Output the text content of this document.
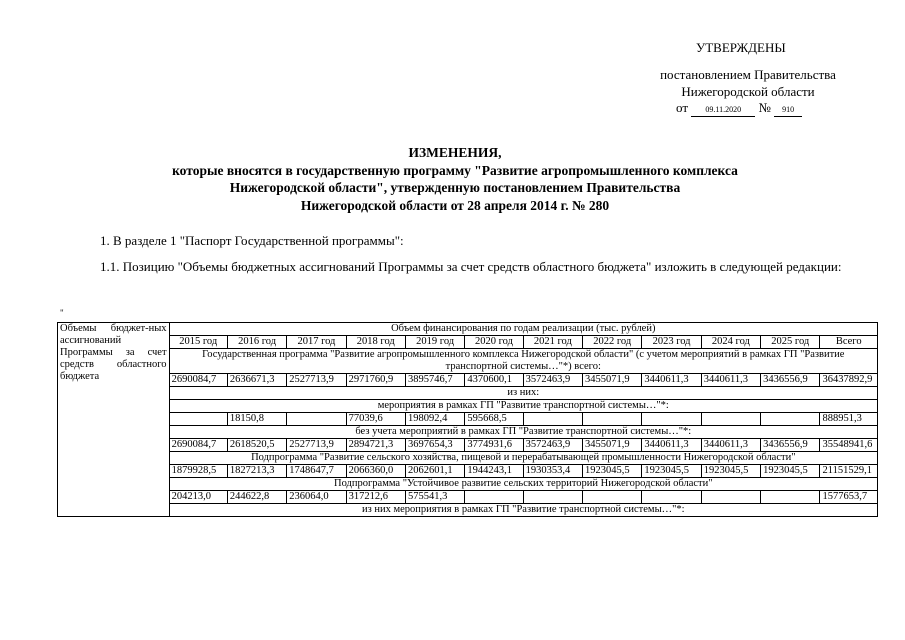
УТВЕРЖДЕНЫ
постановлением Правительства
Нижегородской области
от 09.11.2020 № 910
ИЗМЕНЕНИЯ,
которые вносятся в государственную программу "Развитие агропромышленного комплекса
Нижегородской области", утвержденную постановлением Правительства
Нижегородской области от 28 апреля 2014 г. № 280
1. В разделе 1 "Паспорт Государственной программы":
1.1. Позицию "Объемы бюджетных ассигнований Программы за счет средств областного бюджета" изложить в следующей редакции:
"
Объемы бюджет-ных ассигнований Программы за счет средств областного бюджета	Объем финансирования по годам реализации (тыс. рублей)											
	2015 год	2016 год	2017 год	2018 год	2019 год	2020 год	2021 год	2022 год	2023 год	2024 год	2025 год	Всего
	Государственная программа "Развитие агропромышленного комплекса Нижегородской области" (с учетом мероприятий в рамках ГП "Развитие транспортной системы…"*) всего:											
	2690084,7	2636671,3	2527713,9	2971760,9	3895746,7	4370600,1	3572463,9	3455071,9	3440611,3	3440611,3	3436556,9	36437892,9
	из них:											
	мероприятия в рамках ГП "Развитие транспортной системы…"*:											
		18150,8		77039,6	198092,4	595668,5						888951,3
	без учета мероприятий в рамках ГП "Развитие транспортной системы…"*:											
	2690084,7	2618520,5	2527713,9	2894721,3	3697654,3	3774931,6	3572463,9	3455071,9	3440611,3	3440611,3	3436556,9	35548941,6
	Подпрограмма "Развитие сельского хозяйства, пищевой и перерабатывающей промышленности Нижегородской области"											
	1879928,5	1827213,3	1748647,7	2066360,0	2062601,1	1944243,1	1930353,4	1923045,5	1923045,5	1923045,5	1923045,5	21151529,1
	Подпрограмма "Устойчивое развитие сельских территорий Нижегородской области"											
	204213,0	244622,8	236064,0	317212,6	575541,3							1577653,7
	из них мероприятия в рамках ГП "Развитие транспортной системы…"*:											
